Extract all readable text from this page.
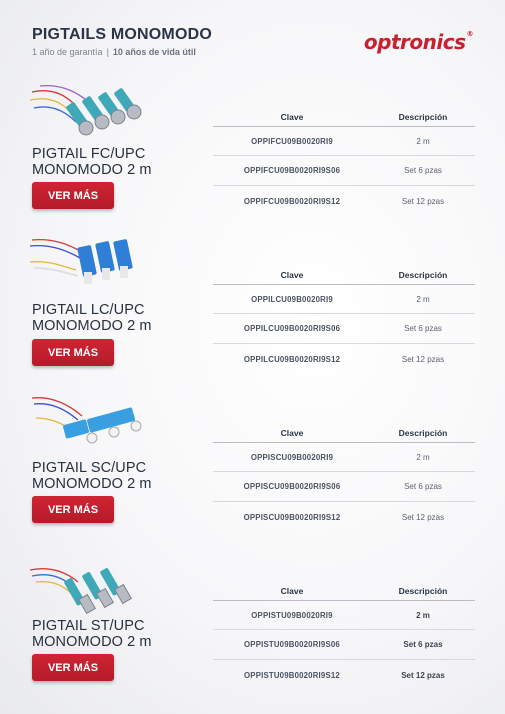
PIGTAILS MONOMODO
1 año de garantía | 10 años de vida útil	optronics®
PIGTAIL FC/UPC
MONOMODO 2 m
VER MÁS
Clave	Descripción
OPPIFCU09B0020RI9	2 m
OPPIFCU09B0020RI9S06	Set 6 pzas
OPPIFCU09B0020RI9S12	Set 12 pzas
PIGTAIL LC/UPC
MONOMODO 2 m
VER MÁS
Clave	Descripción
OPPILCU09B0020RI9	2 m
OPPILCU09B0020RI9S06	Set 6 pzas
OPPILCU09B0020RI9S12	Set 12 pzas
PIGTAIL SC/UPC
MONOMODO 2 m
VER MÁS
Clave	Descripción
OPPISCU09B0020RI9	2 m
OPPISCU09B0020RI9S06	Set 6 pzas
OPPISCU09B0020RI9S12	Set 12 pzas
PIGTAIL ST/UPC
MONOMODO 2 m
VER MÁS
Clave	Descripción
OPPISTU09B0020RI9	2 m
OPPISTU09B0020RI9S06	Set 6 pzas
OPPISTU09B0020RI9S12	Set 12 pzas
